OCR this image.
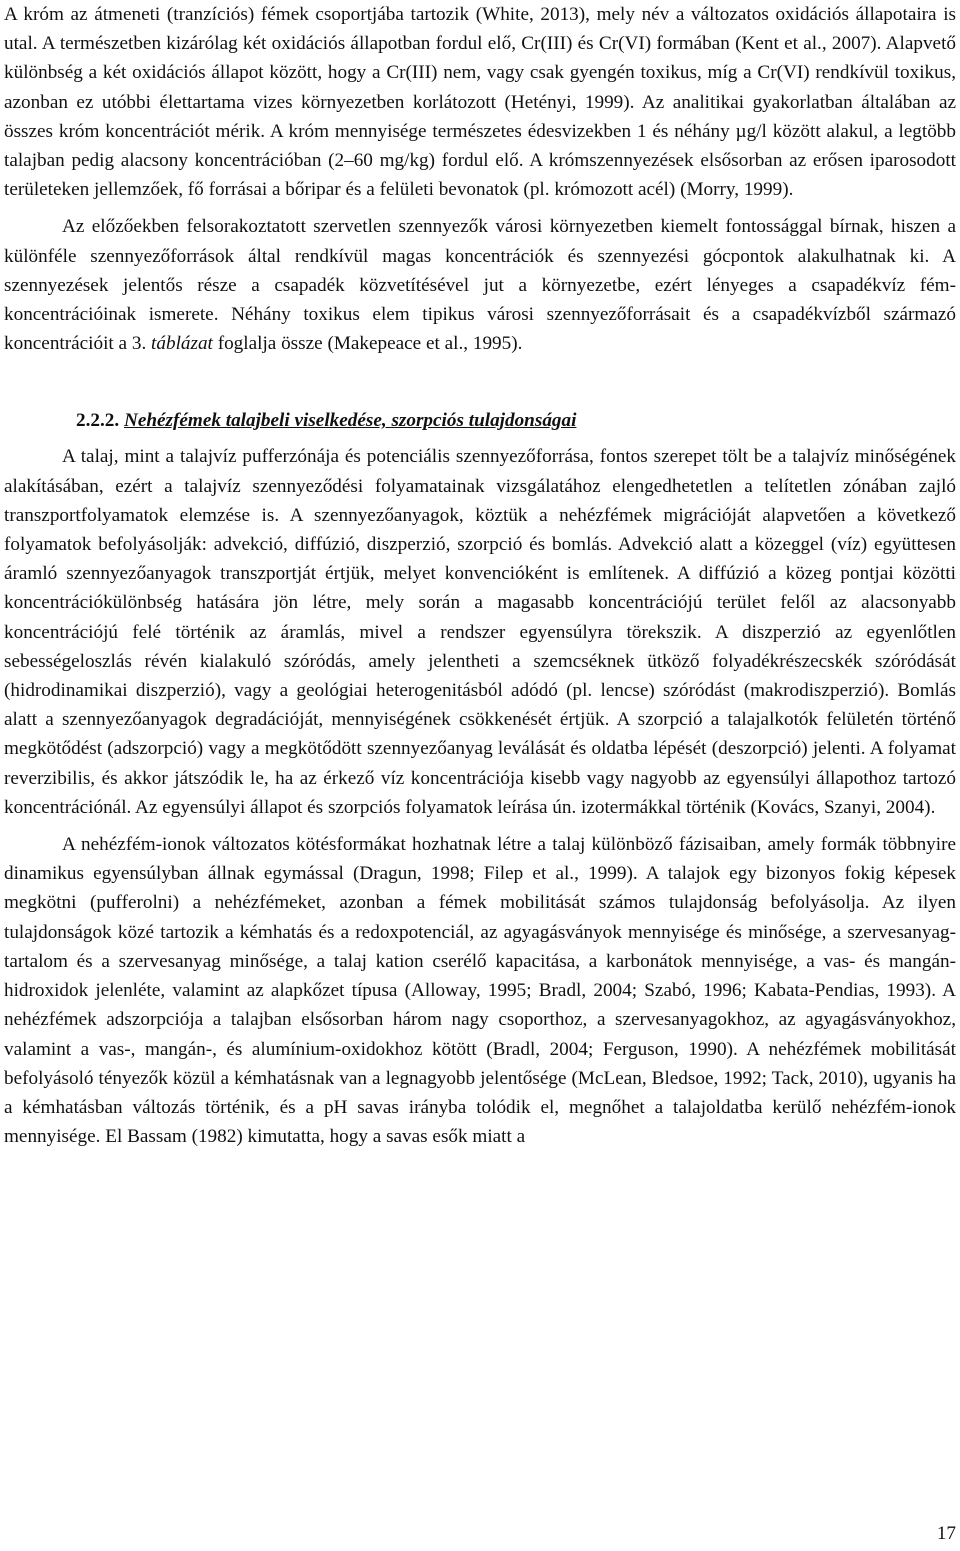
A króm az átmeneti (tranzíciós) fémek csoportjába tartozik (White, 2013), mely név a változatos oxidációs állapotaira is utal. A természetben kizárólag két oxidációs állapotban fordul elő, Cr(III) és Cr(VI) formában (Kent et al., 2007). Alapvető különbség a két oxidációs állapot között, hogy a Cr(III) nem, vagy csak gyengén toxikus, míg a Cr(VI) rendkívül toxikus, azonban ez utóbbi élettartama vizes környezetben korlátozott (Hetényi, 1999). Az analitikai gyakorlatban általában az összes króm koncentrációt mérik. A króm mennyisége természetes édesvizekben 1 és néhány µg/l között alakul, a legtöbb talajban pedig alacsony koncentrációban (2–60 mg/kg) fordul elő. A krómszennyezések elsősorban az erősen iparosodott területeken jellemzőek, fő forrásai a bőripar és a felületi bevonatok (pl. krómozott acél) (Morry, 1999).

Az előzőekben felsorakoztatott szervetlen szennyezők városi környezetben kiemelt fontossággal bírnak, hiszen a különféle szennyezőforrások által rendkívül magas koncentrációk és szennyezési gócpontok alakulhatnak ki. A szennyezések jelentős része a csapadék közvetítésével jut a környezetbe, ezért lényeges a csapadékvíz fém-koncentrációinak ismerete. Néhány toxikus elem tipikus városi szennyezőforrásait és a csapadékvízből származó koncentrációit a 3. táblázat foglalja össze (Makepeace et al., 1995).

2.2.2. Nehézfémek talajbeli viselkedése, szorpciós tulajdonságai

A talaj, mint a talajvíz pufferzónája és potenciális szennyezőforrása, fontos szerepet tölt be a talajvíz minőségének alakításában, ezért a talajvíz szennyeződési folyamatainak vizsgálatához elengedhetetlen a telítetlen zónában zajló transzportfolyamatok elemzése is. A szennyezőanyagok, köztük a nehézfémek migrációját alapvetően a következő folyamatok befolyásolják: advekció, diffúzió, diszperzió, szorpció és bomlás. Advekció alatt a közeggel (víz) együttesen áramló szennyezőanyagok transzportját értjük, melyet konvencióként is említenek. A diffúzió a közeg pontjai közötti koncentrációkülönbség hatására jön létre, mely során a magasabb koncentrációjú terület felől az alacsonyabb koncentrációjú felé történik az áramlás, mivel a rendszer egyensúlyra törekszik. A diszperzió az egyenlőtlen sebességeloszlás révén kialakuló szóródás, amely jelentheti a szemcséknek ütköző folyadékrészecskék szóródását (hidrodinamikai diszperzió), vagy a geológiai heterogenitásból adódó (pl. lencse) szóródást (makrodiszperzió). Bomlás alatt a szennyezőanyagok degradációját, mennyiségének csökkenését értjük. A szorpció a talajalkotók felületén történő megkötődést (adszorpció) vagy a megkötődött szennyezőanyag leválását és oldatba lépését (deszorpció) jelenti. A folyamat reverzibilis, és akkor játszódik le, ha az érkező víz koncentrációja kisebb vagy nagyobb az egyensúlyi állapothoz tartozó koncentrációnál. Az egyensúlyi állapot és szorpciós folyamatok leírása ún. izotermákkal történik (Kovács, Szanyi, 2004).

A nehézfém-ionok változatos kötésformákat hozhatnak létre a talaj különböző fázisaiban, amely formák többnyire dinamikus egyensúlyban állnak egymással (Dragun, 1998; Filep et al., 1999). A talajok egy bizonyos fokig képesek megkötni (pufferolni) a nehézfémeket, azonban a fémek mobilitását számos tulajdonság befolyásolja. Az ilyen tulajdonságok közé tartozik a kémhatás és a redoxpotenciál, az agyagásványok mennyisége és minősége, a szervesanyag-tartalom és a szervesanyag minősége, a talaj kation cserélő kapacitása, a karbonátok mennyisége, a vas- és mangán-hidroxidok jelenléte, valamint az alapkőzet típusa (Alloway, 1995; Bradl, 2004; Szabó, 1996; Kabata-Pendias, 1993). A nehézfémek adszorpciója a talajban elsősorban három nagy csoporthoz, a szervesanyagokhoz, az agyagásványokhoz, valamint a vas-, mangán-, és alumínium-oxidokhoz kötött (Bradl, 2004; Ferguson, 1990). A nehézfémek mobilitását befolyásoló tényezők közül a kémhatásnak van a legnagyobb jelentősége (McLean, Bledsoe, 1992; Tack, 2010), ugyanis ha a kémhatásban változás történik, és a pH savas irányba tolódik el, megnőhet a talajoldatba kerülő nehézfém-ionok mennyisége. El Bassam (1982) kimutatta, hogy a savas esők miatt a

17
